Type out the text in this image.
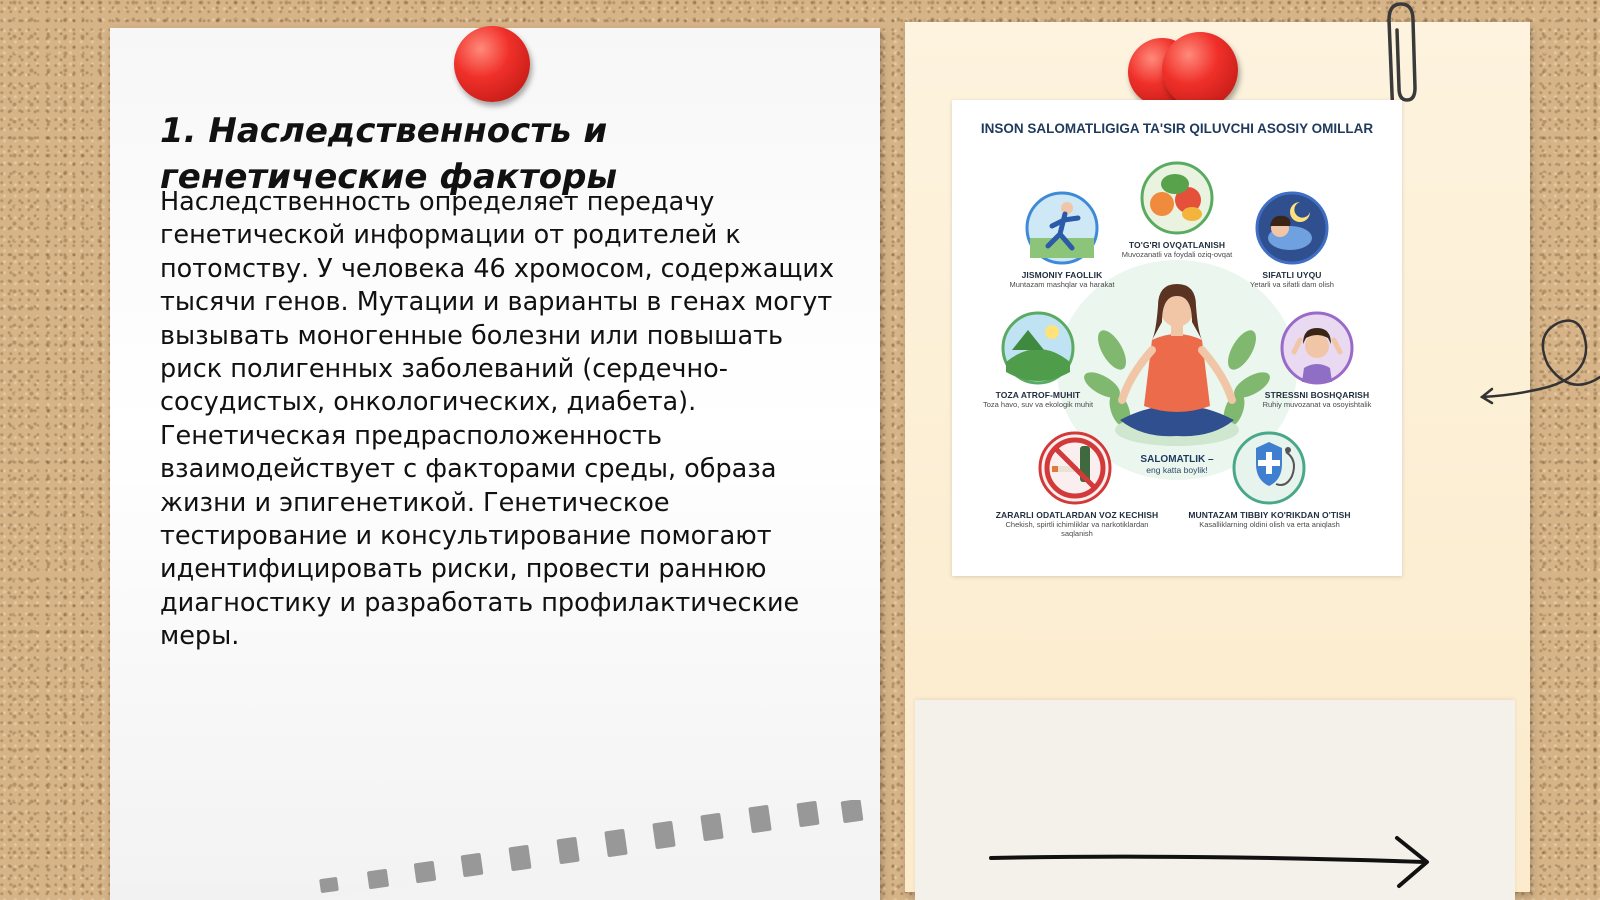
1. Наследственность и генетические факторы

Наследственность определяет передачу генетической информации от родителей к потомству. У человека 46 хромосом, содержащих тысячи генов. Мутации и варианты в генах могут вызывать моногенные болезни или повышать риск полигенных заболеваний (сердечно-сосудистых, онкологических, диабета). Генетическая предрасположенность взаимодействует с факторами среды, образа жизни и эпигенетикой. Генетическое тестирование и консультирование помогают идентифицировать риски, провести раннюю диагностику и разработать профилактические меры.

INSON SALOMATLIGIGA TA'SIR QILUVCHI ASOSIY OMILLAR
TO'G'RI OVQATLANISH
Muvozanatli va foydali oziq-ovqat
JISMONIY FAOLLIK
Muntazam mashqlar va harakat
SIFATLI UYQU
Yetarli va sifatli dam olish
TOZA ATROF-MUHIT
Toza havo, suv va ekologik muhit
STRESSNI BOSHQARISH
Ruhiy muvozanat va osoyishtalik
ZARARLI ODATLARDAN VOZ KECHISH
Chekish, spirtli ichimliklar va narkotiklardan saqlanish
MUNTAZAM TIBBIY KO'RIKDAN O'TISH
Kasalliklarning oldini olish va erta aniqlash
SALOMATLIK –
eng katta boylik!
